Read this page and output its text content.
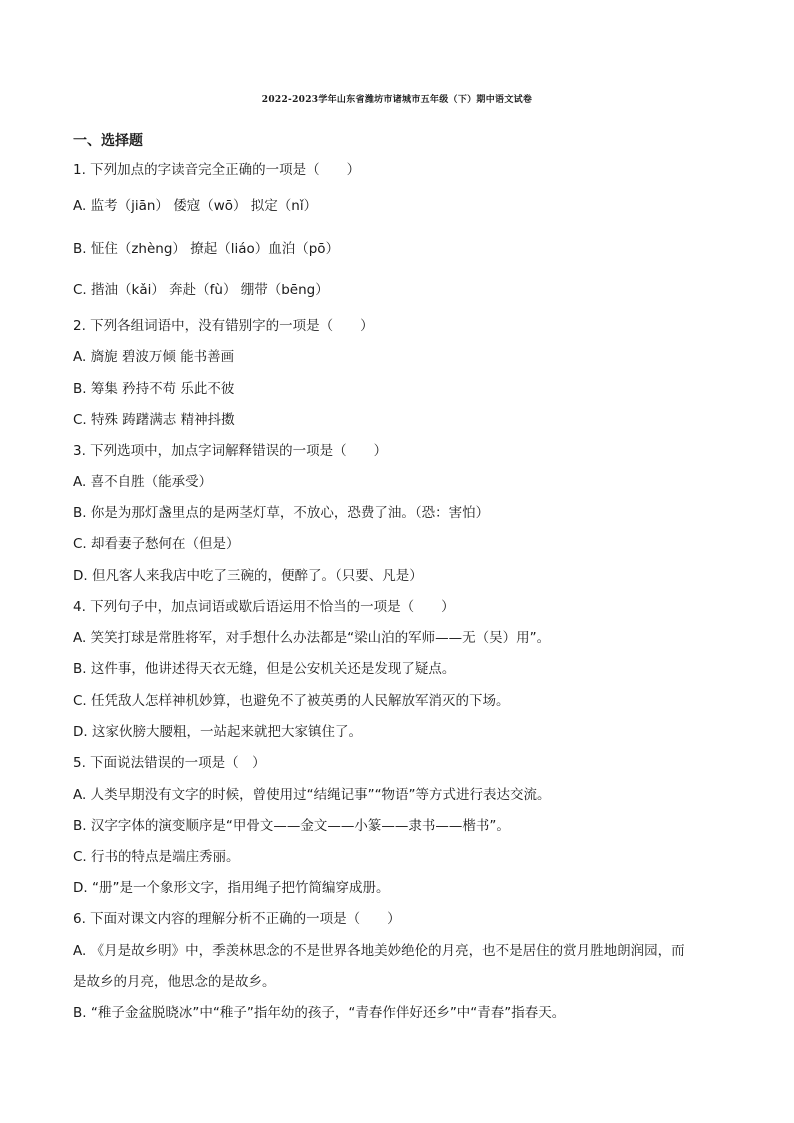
2022-2023学年山东省潍坊市诸城市五年级（下）期中语文试卷
一、选择题
1. 下列加点的字读音完全正确的一项是（　　）
A. 监考（jiān） 倭寇（wō） 拟定（nǐ）
B. 怔住（zhèng） 撩起（liáo）血泊（pō）
C. 揩油（kǎi） 奔赴（fù） 绷带（bēng）
2. 下列各组词语中，没有错别字的一项是（　　）
A. 旖旎 碧波万倾 能书善画
B. 筹集 矜持不苟 乐此不彼
C. 特殊 踌躇满志 精神抖擞
3. 下列选项中，加点字词解释错误的一项是（　　）
A. 喜不自胜（能承受）
B. 你是为那灯盏里点的是两茎灯草，不放心，恐费了油。（恐：害怕）
C. 却看妻子愁何在（但是）
D. 但凡客人来我店中吃了三碗的，便醉了。（只要、凡是）
4. 下列句子中，加点词语或歇后语运用不恰当的一项是（　　）
A. 笑笑打球是常胜将军，对手想什么办法都是“梁山泊的军师——无（吴）用”。
B. 这件事，他讲述得天衣无缝，但是公安机关还是发现了疑点。
C. 任凭敌人怎样神机妙算，也避免不了被英勇的人民解放军消灭的下场。
D. 这家伙膀大腰粗，一站起来就把大家镇住了。
5. 下面说法错误的一项是（　）
A. 人类早期没有文字的时候，曾使用过“结绳记事”“物语”等方式进行表达交流。
B. 汉字字体的演变顺序是“甲骨文——金文——小篆——隶书——楷书”。
C. 行书的特点是端庄秀丽。
D. “册”是一个象形文字，指用绳子把竹简编穿成册。
6. 下面对课文内容的理解分析不正确的一项是（　　）
A. 《月是故乡明》中，季羡林思念的不是世界各地美妙绝伦的月亮，也不是居住的赏月胜地朗润园，而
是故乡的月亮，他思念的是故乡。
B. “稚子金盆脱晓冰”中“稚子”指年幼的孩子，“青春作伴好还乡”中“青春”指春天。
